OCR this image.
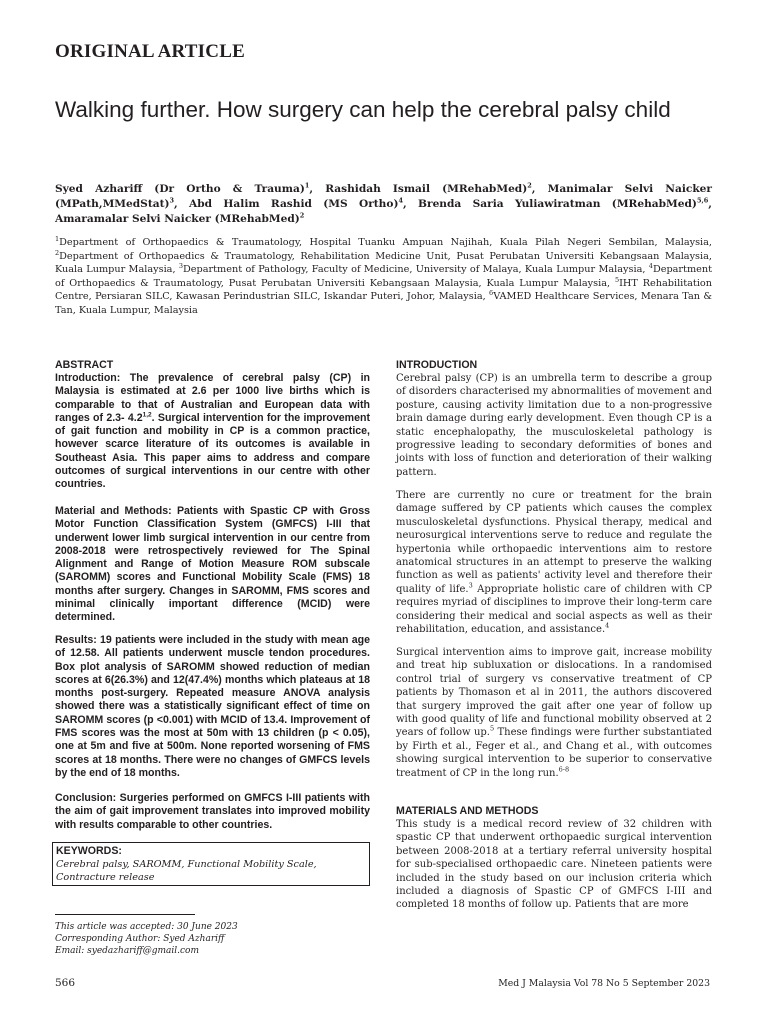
ORIGINAL ARTICLE
Walking further. How surgery can help the cerebral palsy child
Syed Azhariff (Dr Ortho & Trauma)$^1$, Rashidah Ismail (MRehabMed)$^2$, Manimalar Selvi Naicker (MPath,MMedStat)$^3$, Abd Halim Rashid (MS Ortho)$^4$, Brenda Saria Yuliawiratman (MRehabMed)$^{5,6}$, Amaramalar Selvi Naicker (MRehabMed)$^2$
$^1$Department of Orthopaedics & Traumatology, Hospital Tuanku Ampuan Najihah, Kuala Pilah Negeri Sembilan, Malaysia, $^2$Department of Orthopaedics & Traumatology, Rehabilitation Medicine Unit, Pusat Perubatan Universiti Kebangsaan Malaysia, Kuala Lumpur Malaysia, $^3$Department of Pathology, Faculty of Medicine, University of Malaya, Kuala Lumpur Malaysia, $^4$Department of Orthopaedics & Traumatology, Pusat Perubatan Universiti Kebangsaan Malaysia, Kuala Lumpur Malaysia, $^5$IHT Rehabilitation Centre, Persiaran SILC, Kawasan Perindustrian SILC, Iskandar Puteri, Johor, Malaysia, $^6$VAMED Healthcare Services, Menara Tan & Tan, Kuala Lumpur, Malaysia
ABSTRACT

Introduction: The prevalence of cerebral palsy (CP) in Malaysia is estimated at 2.6 per 1000 live births which is comparable to that of Australian and European data with ranges of 2.3- 4.2$^{1,2}$. Surgical intervention for the improvement of gait function and mobility in CP is a common practice, however scarce literature of its outcomes is available in Southeast Asia. This paper aims to address and compare outcomes of surgical interventions in our centre with other countries.

Material and Methods: Patients with Spastic CP with Gross Motor Function Classification System (GMFCS) I-III that underwent lower limb surgical intervention in our centre from 2008-2018 were retrospectively reviewed for The Spinal Alignment and Range of Motion Measure ROM subscale (SAROMM) scores and Functional Mobility Scale (FMS) 18 months after surgery. Changes in SAROMM, FMS scores and minimal clinically important difference (MCID) were determined.

Results: 19 patients were included in the study with mean age of 12.58. All patients underwent muscle tendon procedures. Box plot analysis of SAROMM showed reduction of median scores at 6(26.3%) and 12(47.4%) months which plateaus at 18 months post-surgery. Repeated measure ANOVA analysis showed there was a statistically significant effect of time on SAROMM scores (p <0.001) with MCID of 13.4. Improvement of FMS scores was the most at 50m with 13 children (p < 0.05), one at 5m and five at 500m. None reported worsening of FMS scores at 18 months. There were no changes of GMFCS levels by the end of 18 months.

Conclusion: Surgeries performed on GMFCS I-III patients with the aim of gait improvement translates into improved mobility with results comparable to other countries.

KEYWORDS:
Cerebral palsy, SAROMM, Functional Mobility Scale, Contracture release
INTRODUCTION

Cerebral palsy (CP) is an umbrella term to describe a group of disorders characterised my abnormalities of movement and posture, causing activity limitation due to a non-progressive brain damage during early development. Even though CP is a static encephalopathy, the musculoskeletal pathology is progressive leading to secondary deformities of bones and joints with loss of function and deterioration of their walking pattern.

There are currently no cure or treatment for the brain damage suffered by CP patients which causes the complex musculoskeletal dysfunctions. Physical therapy, medical and neurosurgical interventions serve to reduce and regulate the hypertonia while orthopaedic interventions aim to restore anatomical structures in an attempt to preserve the walking function as well as patients' activity level and therefore their quality of life.$^3$ Appropriate holistic care of children with CP requires myriad of disciplines to improve their long-term care considering their medical and social aspects as well as their rehabilitation, education, and assistance.$^4$

Surgical intervention aims to improve gait, increase mobility and treat hip subluxation or dislocations. In a randomised control trial of surgery vs conservative treatment of CP patients by Thomason et al in 2011, the authors discovered that surgery improved the gait after one year of follow up with good quality of life and functional mobility observed at 2 years of follow up.$^5$ These findings were further substantiated by Firth et al., Feger et al., and Chang et al., with outcomes showing surgical intervention to be superior to conservative treatment of CP in the long run.$^{6-8}$

MATERIALS AND METHODS

This study is a medical record review of 32 children with spastic CP that underwent orthopaedic surgical intervention between 2008-2018 at a tertiary referral university hospital for sub-specialised orthopaedic care. Nineteen patients were included in the study based on our inclusion criteria which included a diagnosis of Spastic CP of GMFCS I-III and completed 18 months of follow up. Patients that are more

This article was accepted: 30 June 2023
Corresponding Author: Syed Azhariff
Email: syedazhariff@gmail.com
566	Med J Malaysia Vol 78 No 5 September 2023
